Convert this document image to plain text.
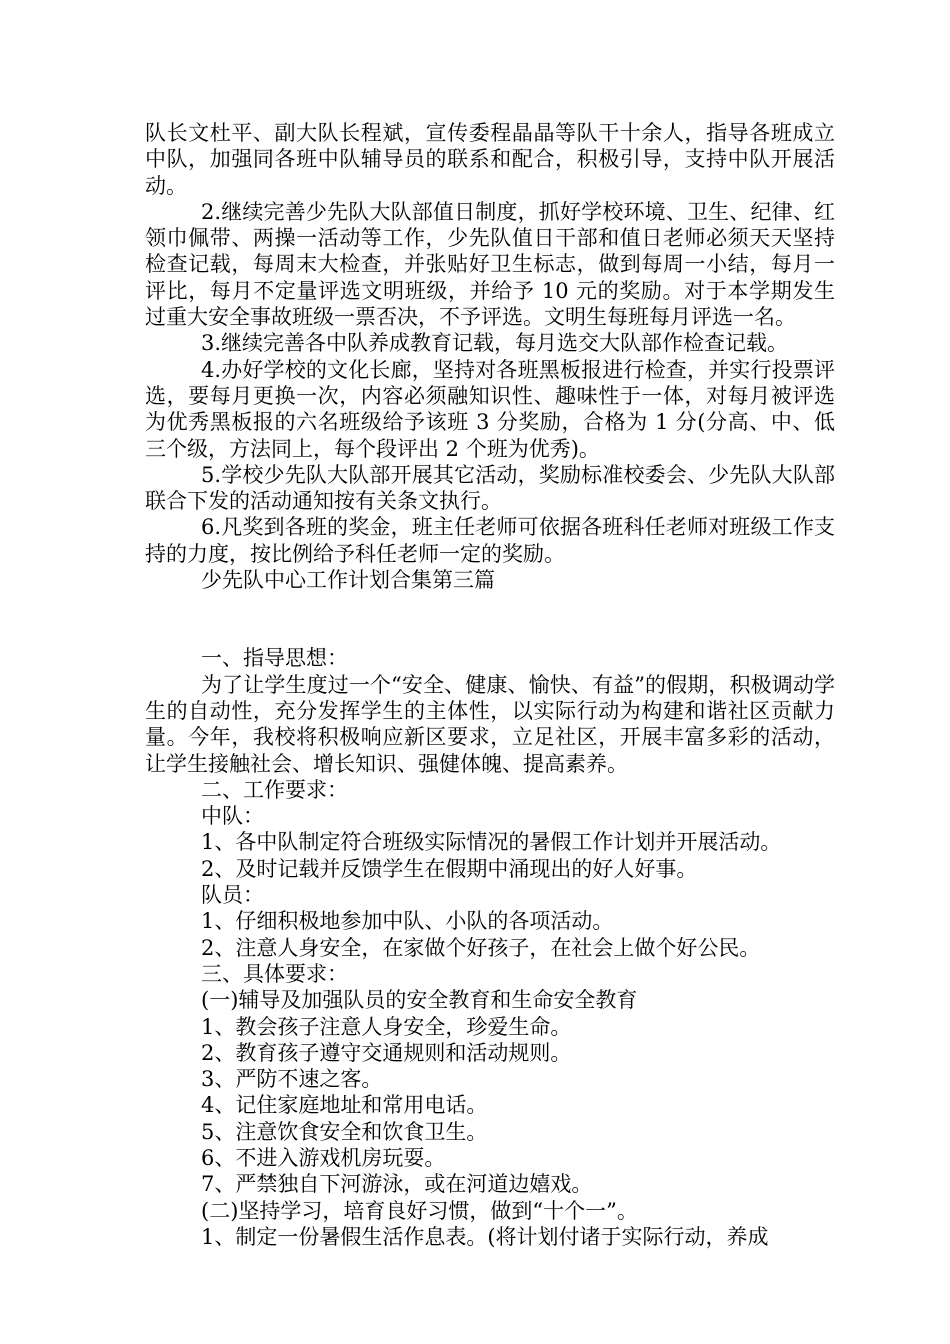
队长文杜平、副大队长程斌，宣传委程晶晶等队干十余人，指导各班成立中队，加强同各班中队辅导员的联系和配合，积极引导，支持中队开展活动。

2.继续完善少先队大队部值日制度，抓好学校环境、卫生、纪律、红领巾佩带、两操一活动等工作，少先队值日干部和值日老师必须天天坚持检查记载，每周末大检查，并张贴好卫生标志，做到每周一小结，每月一评比，每月不定量评选文明班级，并给予 10 元的奖励。对于本学期发生过重大安全事故班级一票否决，不予评选。文明生每班每月评选一名。

3.继续完善各中队养成教育记载，每月选交大队部作检查记载。

4.办好学校的文化长廊，坚持对各班黑板报进行检查，并实行投票评选，要每月更换一次，内容必须融知识性、趣味性于一体，对每月被评选为优秀黑板报的六名班级给予该班 3 分奖励，合格为 1 分(分高、中、低三个级，方法同上，每个段评出 2 个班为优秀)。

5.学校少先队大队部开展其它活动，奖励标准校委会、少先队大队部联合下发的活动通知按有关条文执行。

6.凡奖到各班的奖金，班主任老师可依据各班科任老师对班级工作支持的力度，按比例给予科任老师一定的奖励。

少先队中心工作计划合集第三篇

一、指导思想：

为了让学生度过一个“安全、健康、愉快、有益”的假期，积极调动学生的自动性，充分发挥学生的主体性，以实际行动为构建和谐社区贡献力量。今年，我校将积极响应新区要求，立足社区，开展丰富多彩的活动，让学生接触社会、增长知识、强健体魄、提高素养。

二、工作要求：

中队：

1、各中队制定符合班级实际情况的暑假工作计划并开展活动。

2、及时记载并反馈学生在假期中涌现出的好人好事。

队员：

1、仔细积极地参加中队、小队的各项活动。

2、注意人身安全，在家做个好孩子，在社会上做个好公民。

三、具体要求：

(一)辅导及加强队员的安全教育和生命安全教育

1、教会孩子注意人身安全，珍爱生命。

2、教育孩子遵守交通规则和活动规则。

3、严防不速之客。

4、记住家庭地址和常用电话。

5、注意饮食安全和饮食卫生。

6、不进入游戏机房玩耍。

7、严禁独自下河游泳，或在河道边嬉戏。

(二)坚持学习，培育良好习惯，做到“十个一”。

1、制定一份暑假生活作息表。(将计划付诸于实际行动，养成
